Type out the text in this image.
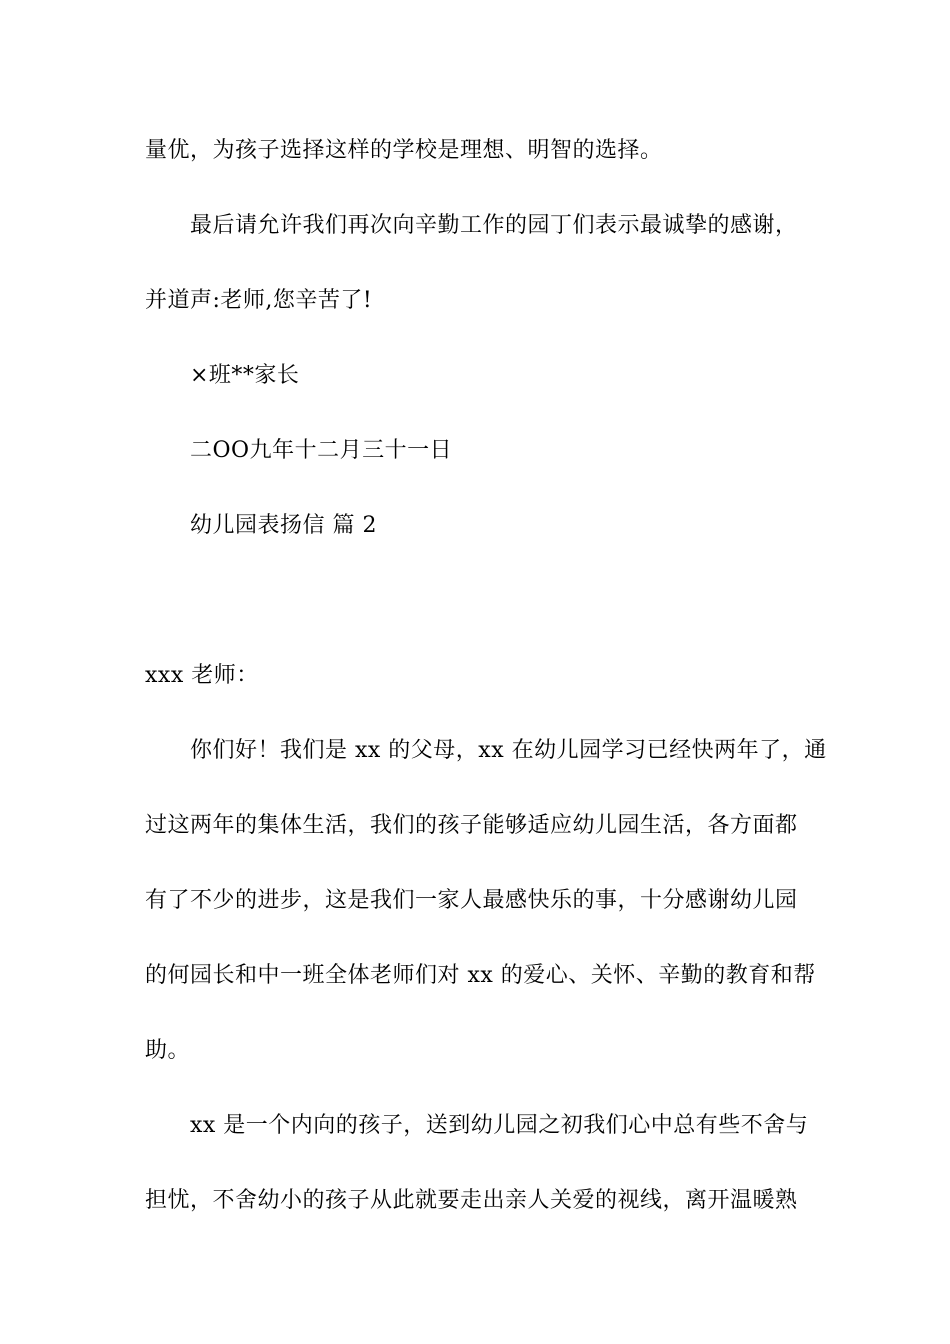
量优，为孩子选择这样的学校是理想、明智的选择。
最后请允许我们再次向辛勤工作的园丁们表示最诚挚的感谢，
并道声:老师,您辛苦了!
×班**家长
二OO九年十二月三十一日
幼儿园表扬信 篇 2
xxx 老师：
你们好！我们是 xx 的父母，xx 在幼儿园学习已经快两年了，通
过这两年的集体生活，我们的孩子能够适应幼儿园生活，各方面都
有了不少的进步，这是我们一家人最感快乐的事，十分感谢幼儿园
的何园长和中一班全体老师们对 xx 的爱心、关怀、辛勤的教育和帮
助。
xx 是一个内向的孩子，送到幼儿园之初我们心中总有些不舍与
担忧，不舍幼小的孩子从此就要走出亲人关爱的视线，离开温暖熟
